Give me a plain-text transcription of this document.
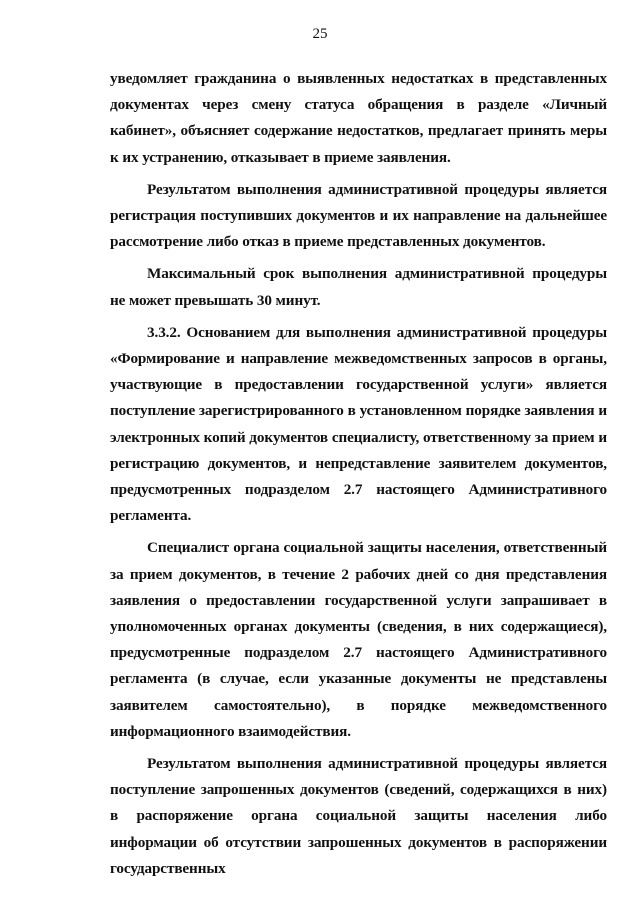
25

уведомляет гражданина о выявленных недостатках в представленных документах через смену статуса обращения в разделе «Личный кабинет», объясняет содержание недостатков, предлагает принять меры к их устранению, отказывает в приеме заявления.

Результатом выполнения административной процедуры является регистрация поступивших документов и их направление на дальнейшее рассмотрение либо отказ в приеме представленных документов.

Максимальный срок выполнения административной процедуры не может превышать 30 минут.

3.3.2. Основанием для выполнения административной процедуры «Формирование и направление межведомственных запросов в органы, участвующие в предоставлении государственной услуги» является поступление зарегистрированного в установленном порядке заявления и электронных копий документов специалисту, ответственному за прием и регистрацию документов, и непредставление заявителем документов, предусмотренных подразделом 2.7 настоящего Административного регламента.

Специалист органа социальной защиты населения, ответственный за прием документов, в течение 2 рабочих дней со дня представления заявления о предоставлении государственной услуги запрашивает в уполномоченных органах документы (сведения, в них содержащиеся), предусмотренные подразделом 2.7 настоящего Административного регламента (в случае, если указанные документы не представлены заявителем самостоятельно), в порядке межведомственного информационного взаимодействия.

Результатом выполнения административной процедуры является поступление запрошенных документов (сведений, содержащихся в них) в распоряжение органа социальной защиты населения либо информации об отсутствии запрошенных документов в распоряжении государственных
